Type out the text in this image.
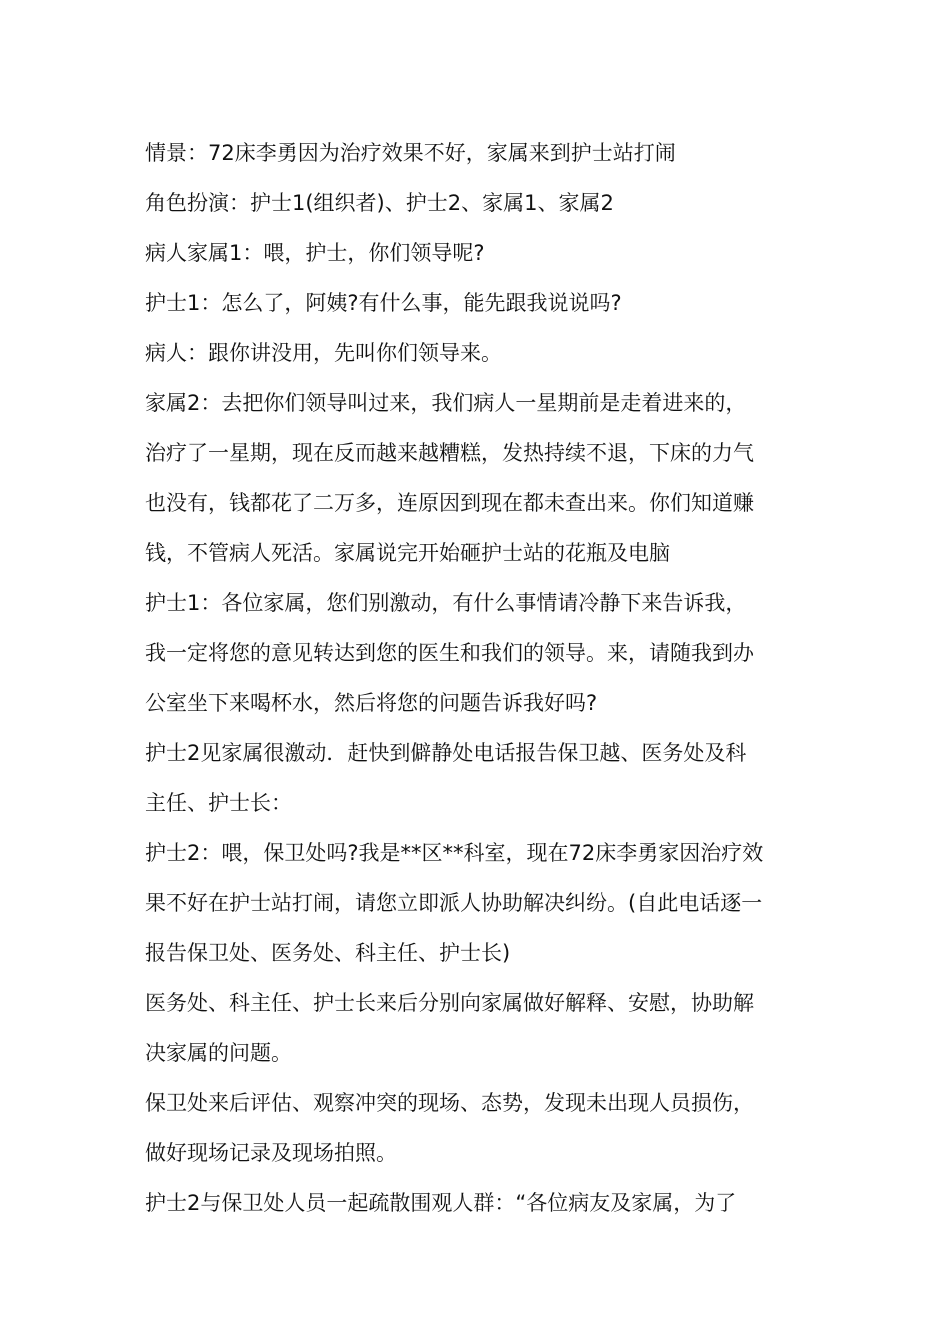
情景：72床李勇因为治疗效果不好，家属来到护士站打闹
角色扮演：护士1(组织者)、护士2、家属1、家属2
病人家属1：喂，护士，你们领导呢?
护士1：怎么了，阿姨?有什么事，能先跟我说说吗?
病人：跟你讲没用，先叫你们领导来。
家属2：去把你们领导叫过来，我们病人一星期前是走着进来的，
治疗了一星期，现在反而越来越糟糕，发热持续不退，下床的力气
也没有，钱都花了二万多，连原因到现在都未查出来。你们知道赚
钱，不管病人死活。家属说完开始砸护士站的花瓶及电脑
护士1：各位家属，您们别激动，有什么事情请冷静下来告诉我，
我一定将您的意见转达到您的医生和我们的领导。来，请随我到办
公室坐下来喝杯水，然后将您的问题告诉我好吗?
护士2见家属很激动．赶快到僻静处电话报告保卫越、医务处及科
主任、护士长：
护士2：喂，保卫处吗?我是**区**科室，现在72床李勇家因治疗效
果不好在护士站打闹，请您立即派人协助解决纠纷。(自此电话逐一
报告保卫处、医务处、科主任、护士长)
医务处、科主任、护士长来后分别向家属做好解释、安慰，协助解
决家属的问题。
保卫处来后评估、观察冲突的现场、态势，发现未出现人员损伤，
做好现场记录及现场拍照。
护士2与保卫处人员一起疏散围观人群：“各位病友及家属，为了
